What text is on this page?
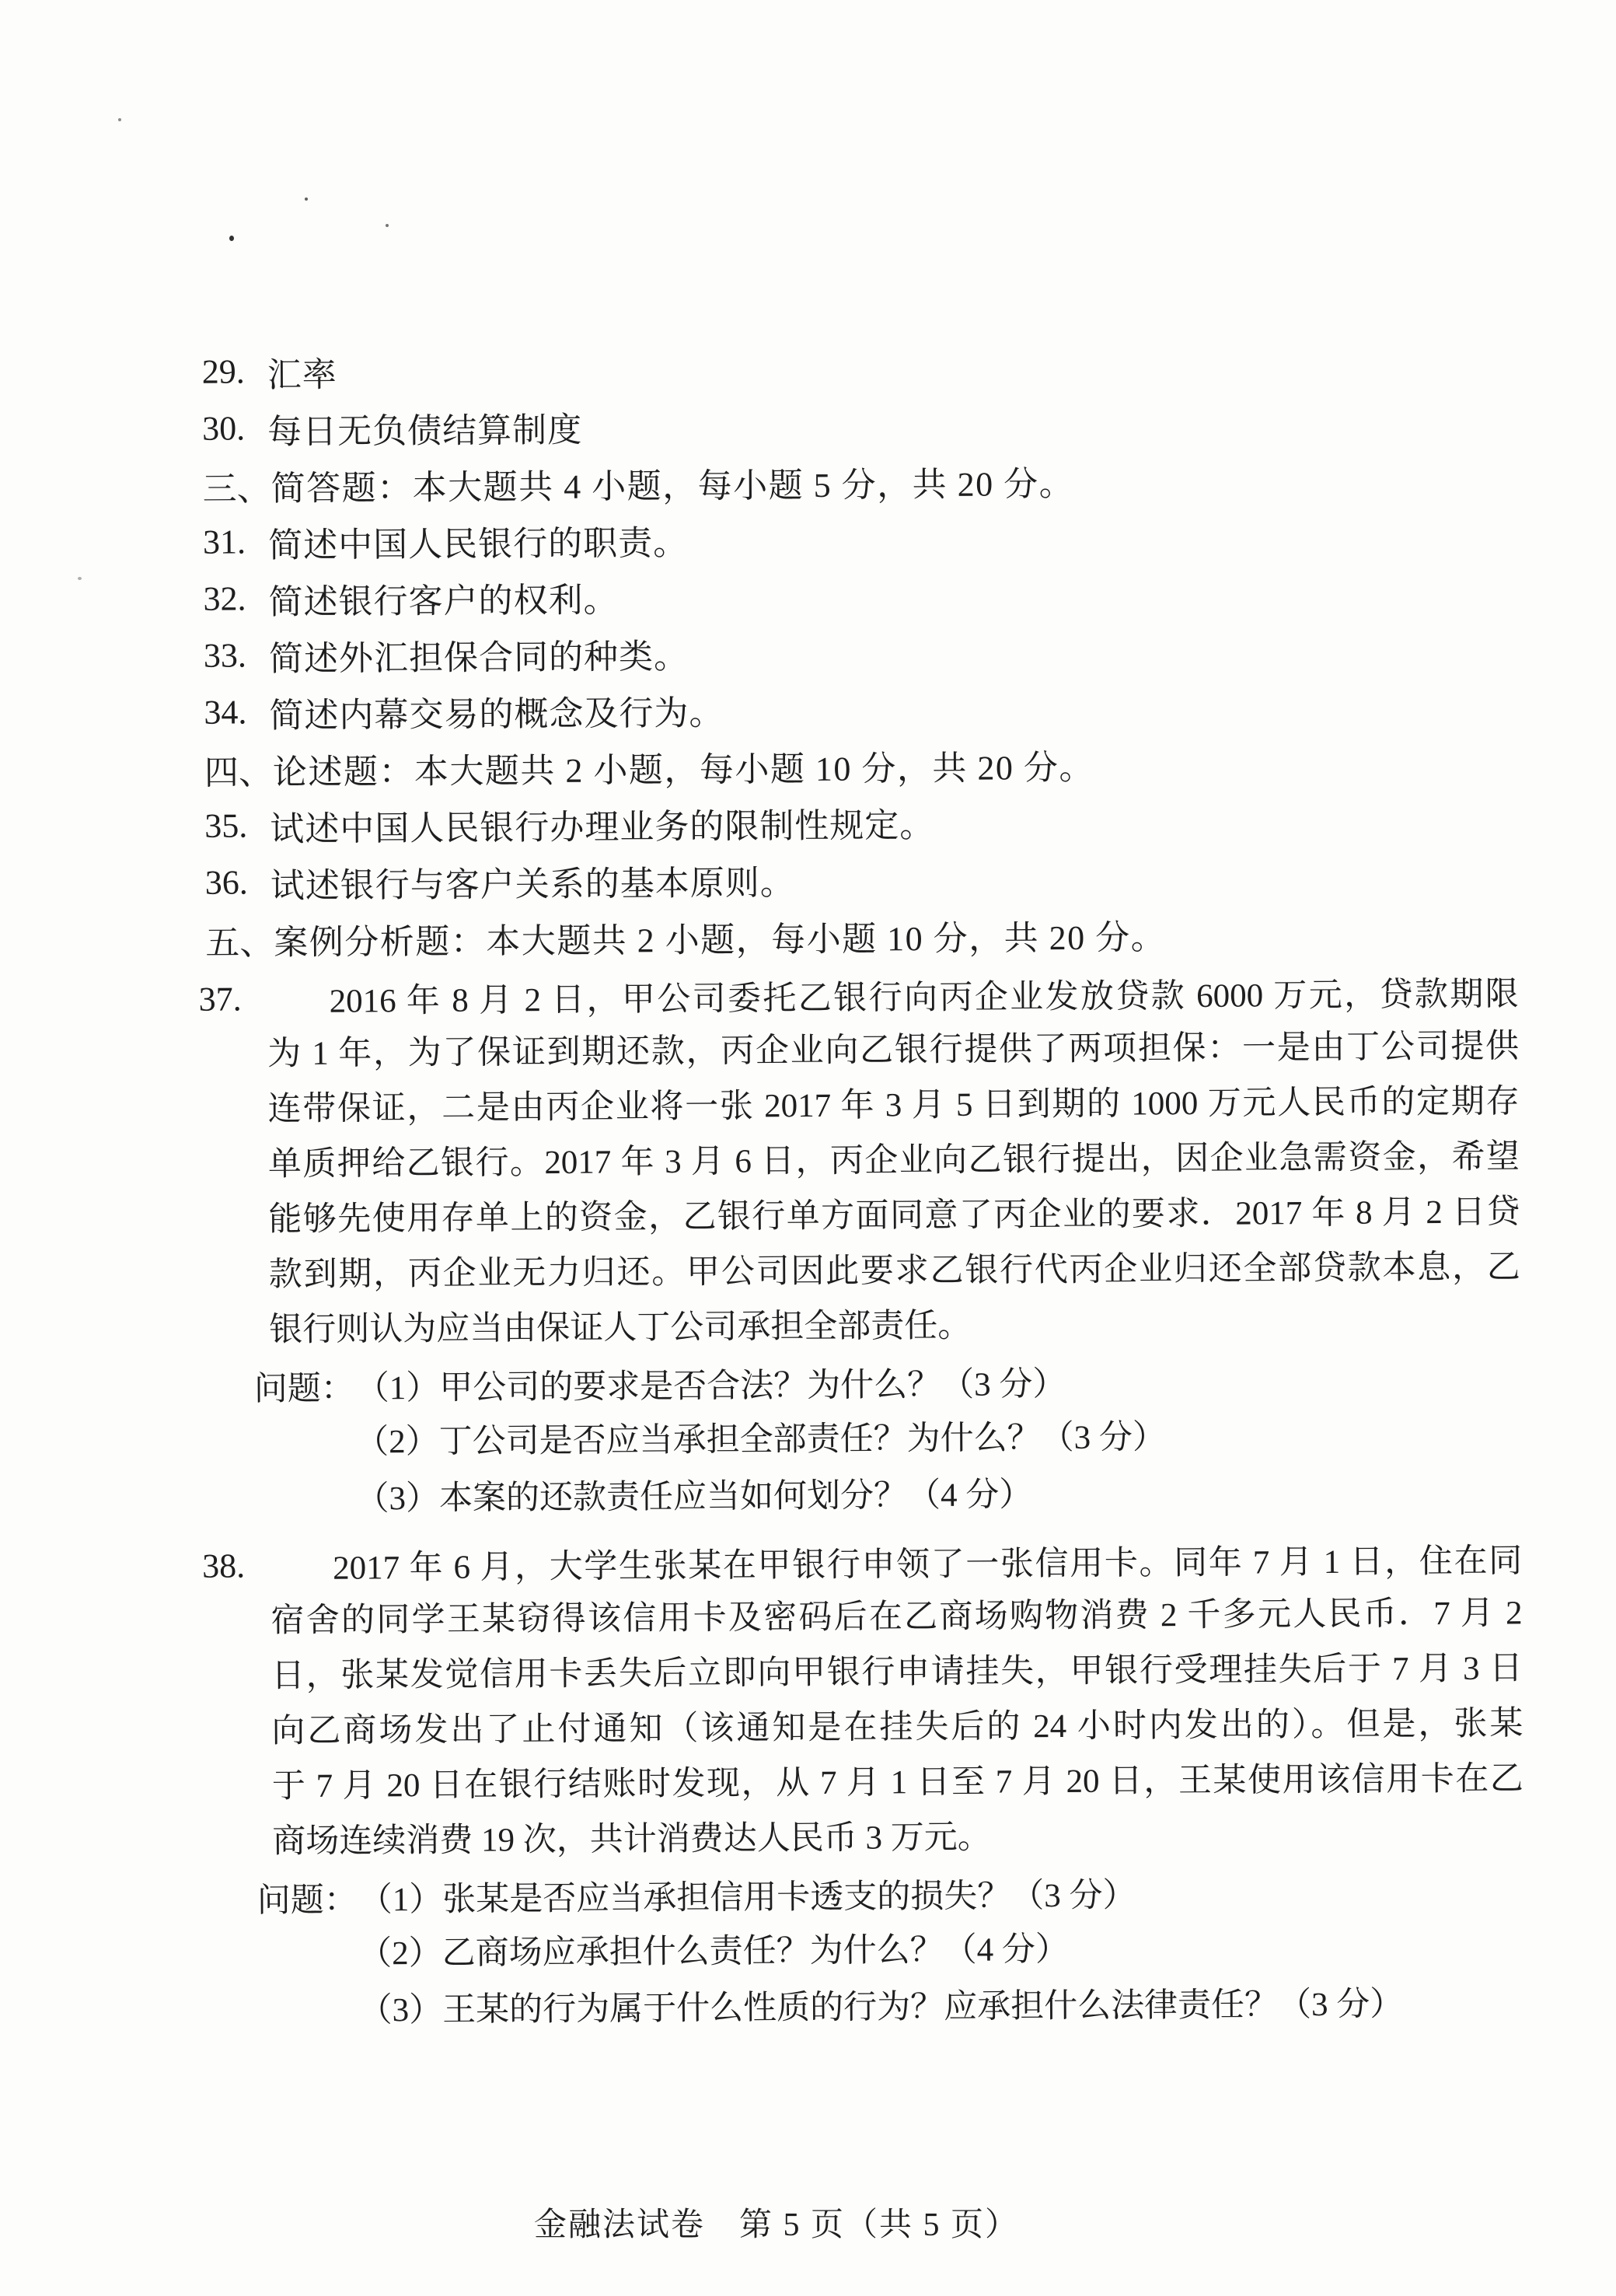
29. 汇率
30. 每日无负债结算制度
三、 简答题：本大题共 4 小题，每小题 5 分，共 20 分。
31. 简述中国人民银行的职责。
32. 简述银行客户的权利。
33. 简述外汇担保合同的种类。
34. 简述内幕交易的概念及行为。
四、 论述题：本大题共 2 小题，每小题 10 分，共 20 分。
35. 试述中国人民银行办理业务的限制性规定。
36. 试述银行与客户关系的基本原则。
五、 案例分析题：本大题共 2 小题，每小题 10 分，共 20 分。
37.	2016 年 8 月 2 日，甲公司委托乙银行向丙企业发放贷款 6000 万元，贷款期限
为 1 年，为了保证到期还款，丙企业向乙银行提供了两项担保：一是由丁公司提供
连带保证，二是由丙企业将一张 2017 年 3 月 5 日到期的 1000 万元人民币的定期存
单质押给乙银行。2017 年 3 月 6 日，丙企业向乙银行提出，因企业急需资金，希望
能够先使用存单上的资金，乙银行单方面同意了丙企业的要求．2017 年 8 月 2 日贷
款到期，丙企业无力归还。甲公司因此要求乙银行代丙企业归还全部贷款本息，乙
银行则认为应当由保证人丁公司承担全部责任。
问题： （1）甲公司的要求是否合法？为什么？（3 分）
（2）丁公司是否应当承担全部责任？为什么？（3 分）
（3）本案的还款责任应当如何划分？（4 分）
38.	2017 年 6 月，大学生张某在甲银行申领了一张信用卡。同年 7 月 1 日，住在同
宿舍的同学王某窃得该信用卡及密码后在乙商场购物消费 2 千多元人民币．7 月 2
日，张某发觉信用卡丢失后立即向甲银行申请挂失，甲银行受理挂失后于 7 月 3 日
向乙商场发出了止付通知（该通知是在挂失后的 24 小时内发出的）。但是，张某
于 7 月 20 日在银行结账时发现，从 7 月 1 日至 7 月 20 日，王某使用该信用卡在乙
商场连续消费 19 次，共计消费达人民币 3 万元。
问题： （1）张某是否应当承担信用卡透支的损失？（3 分）
（2）乙商场应承担什么责任？为什么？（4 分）
（3）王某的行为属于什么性质的行为？应承担什么法律责任？（3 分）
金融法试卷　第 5 页（共 5 页）
